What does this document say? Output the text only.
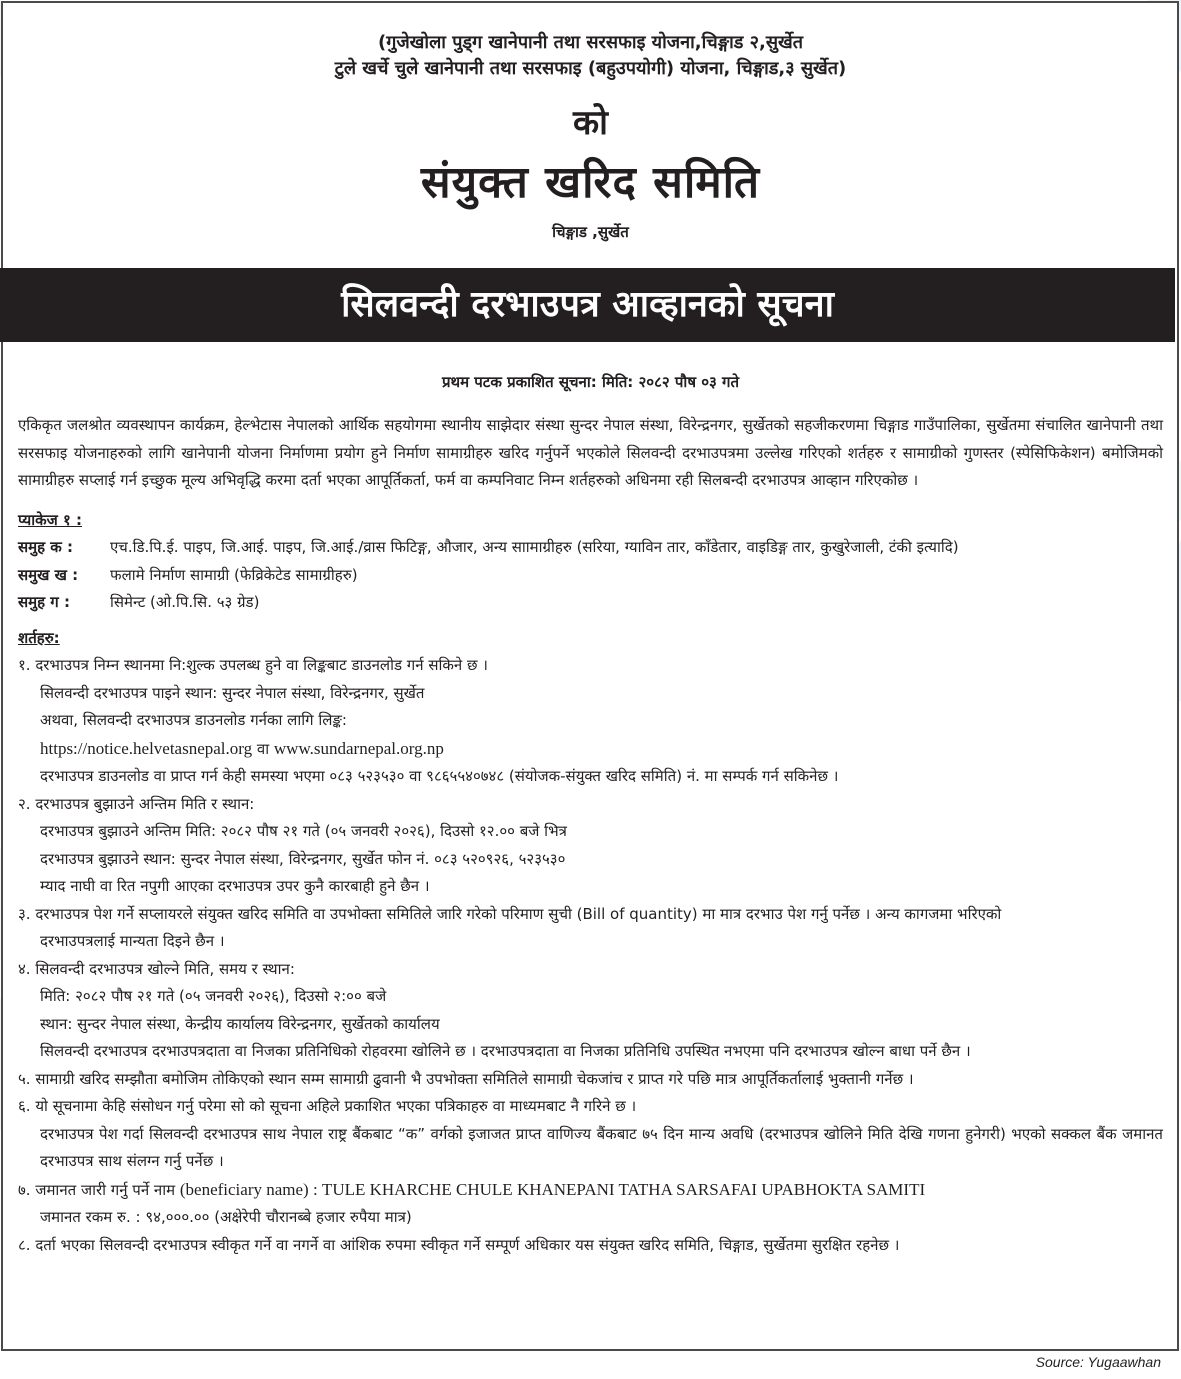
(गुजेखोला पुड्ग खानेपानी तथा सरसफाइ योजना,चिङ्गाड २,सुर्खेत
टुले खर्चे चुले खानेपानी तथा सरसफाइ (बहुउपयोगी) योजना, चिङ्गाड,३ सुर्खेत)
को
संयुक्त खरिद समिति
चिङ्गाड ,सुर्खेत
सिलवन्दी दरभाउपत्र आव्हानको सूचना
प्रथम पटक प्रकाशित सूचना: मिति: २०८२ पौष ०३ गते

एकिकृत जलश्रोत व्यवस्थापन कार्यक्रम, हेल्भेटास नेपालको आर्थिक सहयोगमा स्थानीय साझेदार संस्था सुन्दर नेपाल संस्था, विरेन्द्रनगर, सुर्खेतको सहजीकरणमा चिङ्गाड गाउँपालिका, सुर्खेतमा संचालित खानेपानी तथा सरसफाइ योजनाहरुको लागि खानेपानी योजना निर्माणमा प्रयोग हुने निर्माण सामाग्रीहरु खरिद गर्नुपर्ने भएकोले सिलवन्दी दरभाउपत्रमा उल्लेख गरिएको शर्तहरु र सामाग्रीको गुणस्तर (स्पेसिफिकेशन) बमोजिमको सामाग्रीहरु सप्लाई गर्न इच्छुक मूल्य अभिवृद्धि करमा दर्ता भएका आपूर्तिकर्ता, फर्म वा कम्पनिवाट निम्न शर्तहरुको अधिनमा रही सिलबन्दी दरभाउपत्र आव्हान गरिएकोछ ।

प्याकेज १ :
समुह क :	एच.डि.पि.ई. पाइप, जि.आई. पाइप, जि.आई./व्रास फिटिङ्ग, औजार, अन्य साामाग्रीहरु (सरिया, ग्याविन तार, काँडेतार, वाइडिङ्ग तार, कुखुरेजाली, टंकी इत्यादि)
समुख ख :	फलामे निर्माण सामाग्री (फेव्रिकेटेड सामाग्रीहरु)
समुह ग :	सिमेन्ट (ओ.पि.सि. ५३ ग्रेड)
शर्तहरु:
१. दरभाउपत्र निम्न स्थानमा नि:शुल्क उपलब्ध हुने वा लिङ्कबाट डाउनलोड गर्न सकिने छ ।
सिलवन्दी दरभाउपत्र पाइने स्थान: सुन्दर नेपाल संस्था, विरेन्द्रनगर, सुर्खेत
अथवा, सिलवन्दी दरभाउपत्र डाउनलोड गर्नका लागि लिङ्क:
https://notice.helvetasnepal.org वा www.sundarnepal.org.np
दरभाउपत्र डाउनलोड वा प्राप्त गर्न केही समस्या भएमा ०८३ ५२३५३० वा ९८६५५४०७४८ (संयोजक-संयुक्त खरिद समिति) नं. मा सम्पर्क गर्न सकिनेछ ।
२. दरभाउपत्र बुझाउने अन्तिम मिति र स्थान:
दरभाउपत्र बुझाउने अन्तिम मिति: २०८२ पौष २१ गते (०५ जनवरी २०२६), दिउसो १२.०० बजे भित्र
दरभाउपत्र बुझाउने स्थान: सुन्दर नेपाल संस्था, विरेन्द्रनगर, सुर्खेत फोन नं. ०८३ ५२०९२६, ५२३५३०
म्याद नाघी वा रित नपुगी आएका दरभाउपत्र उपर कुनै कारबाही हुने छैन ।
३. दरभाउपत्र पेश गर्ने सप्लायरले संयुक्त खरिद समिति वा उपभोक्ता समितिले जारि गरेको परिमाण सुची (Bill of quantity) मा मात्र दरभाउ पेश गर्नु पर्नेछ । अन्य कागजमा भरिएको
दरभाउपत्रलाई मान्यता दिइने छैन ।
४. सिलवन्दी दरभाउपत्र खोल्ने मिति, समय र स्थान:
मिति: २०८२ पौष २१ गते (०५ जनवरी २०२६), दिउसो २:०० बजे
स्थान: सुन्दर नेपाल संस्था, केन्द्रीय कार्यालय विरेन्द्रनगर, सुर्खेतको कार्यालय
सिलवन्दी दरभाउपत्र दरभाउपत्रदाता वा निजका प्रतिनिधिको रोहवरमा खोलिने छ । दरभाउपत्रदाता वा निजका प्रतिनिधि उपस्थित नभएमा पनि दरभाउपत्र खोल्न बाधा पर्ने छैन ।
५. सामाग्री खरिद सम्झौता बमोजिम तोकिएको स्थान सम्म सामाग्री ढुवानी भै उपभोक्ता समितिले सामाग्री चेकजांच र प्राप्त गरे पछि मात्र आपूर्तिकर्तालाई भुक्तानी गर्नेछ ।
६. यो सूचनामा केहि संसोधन गर्नु परेमा सो को सूचना अहिले प्रकाशित भएका पत्रिकाहरु वा माध्यमबाट नै गरिने छ ।
दरभाउपत्र पेश गर्दा सिलवन्दी दरभाउपत्र साथ नेपाल राष्ट्र बैंकबाट “क” वर्गको इजाजत प्राप्त वाणिज्य बैंकबाट ७५ दिन मान्य अवधि (दरभाउपत्र खोलिने मिति देखि गणना हुनेगरी) भएको सक्कल बैंक जमानत दरभाउपत्र साथ संलग्न गर्नु पर्नेछ ।
७. जमानत जारी गर्नु पर्ने नाम (beneficiary name) : TULE KHARCHE CHULE KHANEPANI TATHA SARSAFAI UPABHOKTA SAMITI
जमानत रकम रु. : ९४,०००.०० (अक्षेरेपी चौरानब्बे हजार रुपैया मात्र)
८. दर्ता भएका सिलवन्दी दरभाउपत्र स्वीकृत गर्ने वा नगर्ने वा आंशिक रुपमा स्वीकृत गर्ने सम्पूर्ण अधिकार यस संयुक्त खरिद समिति, चिङ्गाड, सुर्खेतमा सुरक्षित रहनेछ ।
Source: Yugaawhan
